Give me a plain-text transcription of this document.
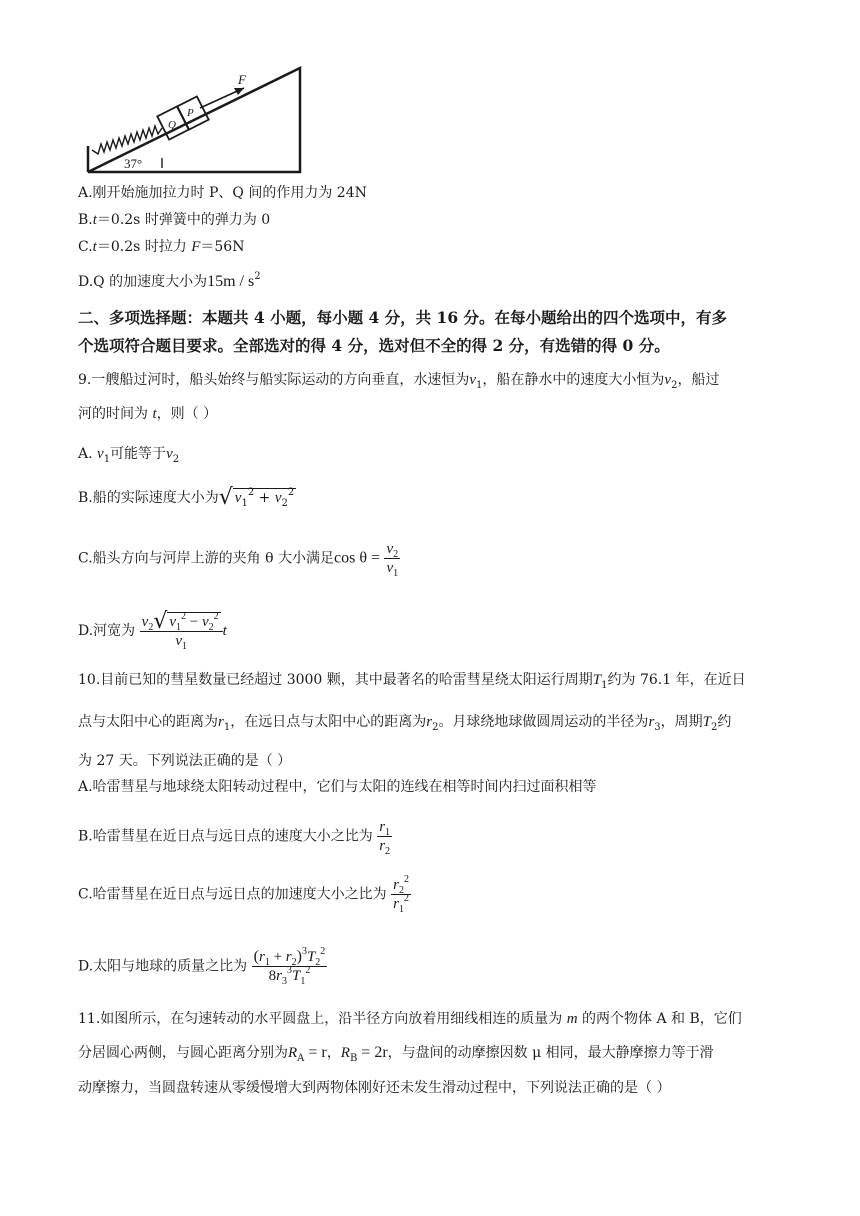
Q
P
F
37°
A.刚开始施加拉力时 P、Q 间的作用力为 24N
B.t＝0.2s 时弹簧中的弹力为 0
C.t＝0.2s 时拉力 F＝56N
D.Q 的加速度大小为$15m / s^2$
二、多项选择题：本题共 4 小题，每小题 4 分，共 16 分。在每小题给出的四个选项中，有多
个选项符合题目要求。全部选对的得 4 分，选对但不全的得 2 分，有选错的得 0 分。
9.一艘船过河时，船头始终与船实际运动的方向垂直，水速恒为$v_1$，船在静水中的速度大小恒为$v_2$，船过
河的时间为 t，则（ ）
A. $v_1$可能等于$v_2$
B.船的实际速度大小为√ $v_1^2 + v_2^2$
C.船头方向与河岸上游的夹角 θ 大小满足$\cos \theta = \frac{v_2}{v_1}$
D.河宽为 $\frac{v_2√ v_1^2 - v_2^2}{v_1}$ t
10.目前已知的彗星数量已经超过 3000 颗，其中最著名的哈雷彗星绕太阳运行周期$T_1$约为 76.1 年，在近日
点与太阳中心的距离为$r_1$，在远日点与太阳中心的距离为$r_2$。月球绕地球做圆周运动的半径为$r_3$，周期$T_2$约
为 27 天。下列说法正确的是（ ）
A.哈雷彗星与地球绕太阳转动过程中，它们与太阳的连线在相等时间内扫过面积相等
B.哈雷彗星在近日点与远日点的速度大小之比为 $\frac{r_1}{r_2}$
C.哈雷彗星在近日点与远日点的加速度大小之比为 $\frac{r_2^2}{r_1^2}$
D.太阳与地球的质量之比为 $\frac{(r_1 + r_2)^3T_2^2}{8r_3^3T_1^2}$
11.如图所示，在匀速转动的水平圆盘上，沿半径方向放着用细线相连的质量为 m 的两个物体 A 和 B，它们
分居圆心两侧，与圆心距离分别为$R_A = r$，$R_B = 2r$，与盘间的动摩擦因数 μ 相同，最大静摩擦力等于滑
动摩擦力，当圆盘转速从零缓慢增大到两物体刚好还未发生滑动过程中，下列说法正确的是（ ）
